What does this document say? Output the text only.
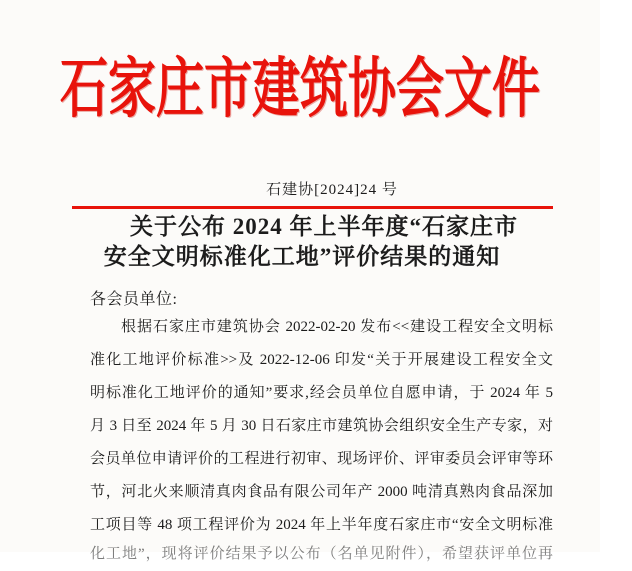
石家庄市建筑协会文件
石建协[2024]24 号
关于公布 2024 年上半年度“石家庄市
安全文明标准化工地”评价结果的通知
各会员单位:
根据石家庄市建筑协会 2022-02-20 发布<<建设工程安全文明标
准化工地评价标准>>及 2022-12-06 印发“关于开展建设工程安全文
明标准化工地评价的通知”要求,经会员单位自愿申请，于 2024 年 5
月 3 日至 2024 年 5 月 30 日石家庄市建筑协会组织安全生产专家，对
会员单位申请评价的工程进行初审、现场评价、评审委员会评审等环
节，河北火来顺清真肉食品有限公司年产 2000 吨清真熟肉食品深加
工项目等 48 项工程评价为 2024 年上半年度石家庄市“安全文明标准
化工地”，现将评价结果予以公布（名单见附件），希望获评单位再
